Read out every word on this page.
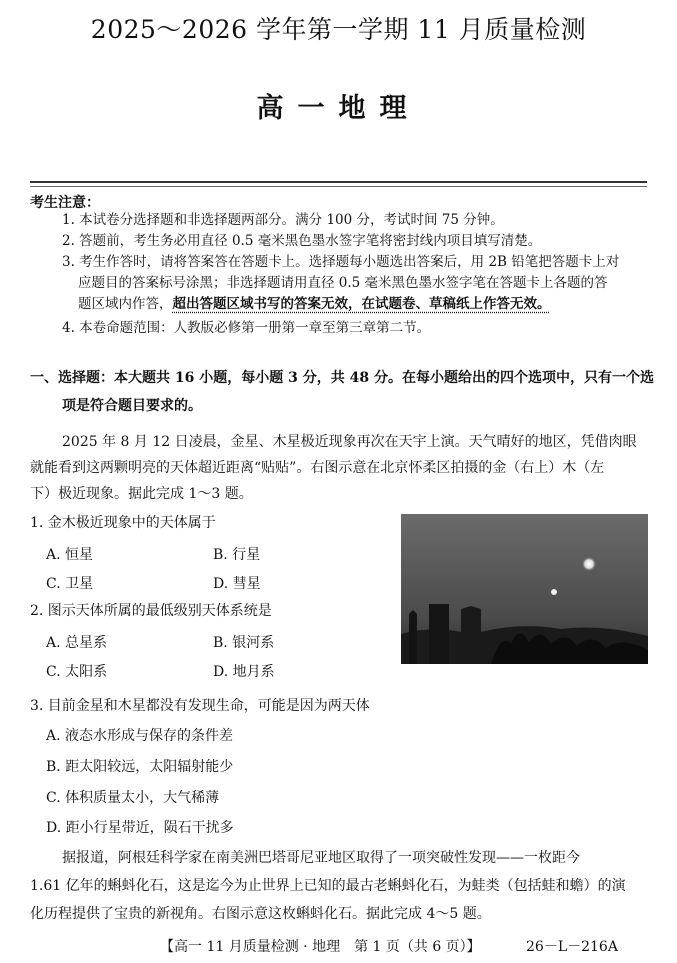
2025～2026 学年第一学期 11 月质量检测
高一地理
考生注意：
1. 本试卷分选择题和非选择题两部分。满分 100 分，考试时间 75 分钟。
2. 答题前，考生务必用直径 0.5 毫米黑色墨水签字笔将密封线内项目填写清楚。
3. 考生作答时，请将答案答在答题卡上。选择题每小题选出答案后，用 2B 铅笔把答题卡上对
应题目的答案标号涂黑；非选择题请用直径 0.5 毫米黑色墨水签字笔在答题卡上各题的答
题区域内作答，超出答题区域书写的答案无效，在试题卷、草稿纸上作答无效。
4. 本卷命题范围：人教版必修第一册第一章至第三章第二节。
一、选择题：本大题共 16 小题，每小题 3 分，共 48 分。在每小题给出的四个选项中，只有一个选
项是符合题目要求的。
2025 年 8 月 12 日凌晨，金星、木星极近现象再次在天宇上演。天气晴好的地区，凭借肉眼
就能看到这两颗明亮的天体超近距离“贴贴”。右图示意在北京怀柔区拍摄的金（右上）木（左
下）极近现象。据此完成 1～3 题。
1. 金木极近现象中的天体属于
A. 恒星	B. 行星
C. 卫星	D. 彗星
2. 图示天体所属的最低级别天体系统是
A. 总星系	B. 银河系
C. 太阳系	D. 地月系
3. 目前金星和木星都没有发现生命，可能是因为两天体
A. 液态水形成与保存的条件差
B. 距太阳较远，太阳辐射能少
C. 体积质量太小，大气稀薄
D. 距小行星带近，陨石干扰多
据报道，阿根廷科学家在南美洲巴塔哥尼亚地区取得了一项突破性发现——一枚距今
1.61 亿年的蝌蚪化石，这是迄今为止世界上已知的最古老蝌蚪化石，为蛙类（包括蛙和蟾）的演
化历程提供了宝贵的新视角。右图示意这枚蝌蚪化石。据此完成 4～5 题。
【高一 11 月质量检测 · 地理　第 1 页（共 6 页）】	26－L－216A
